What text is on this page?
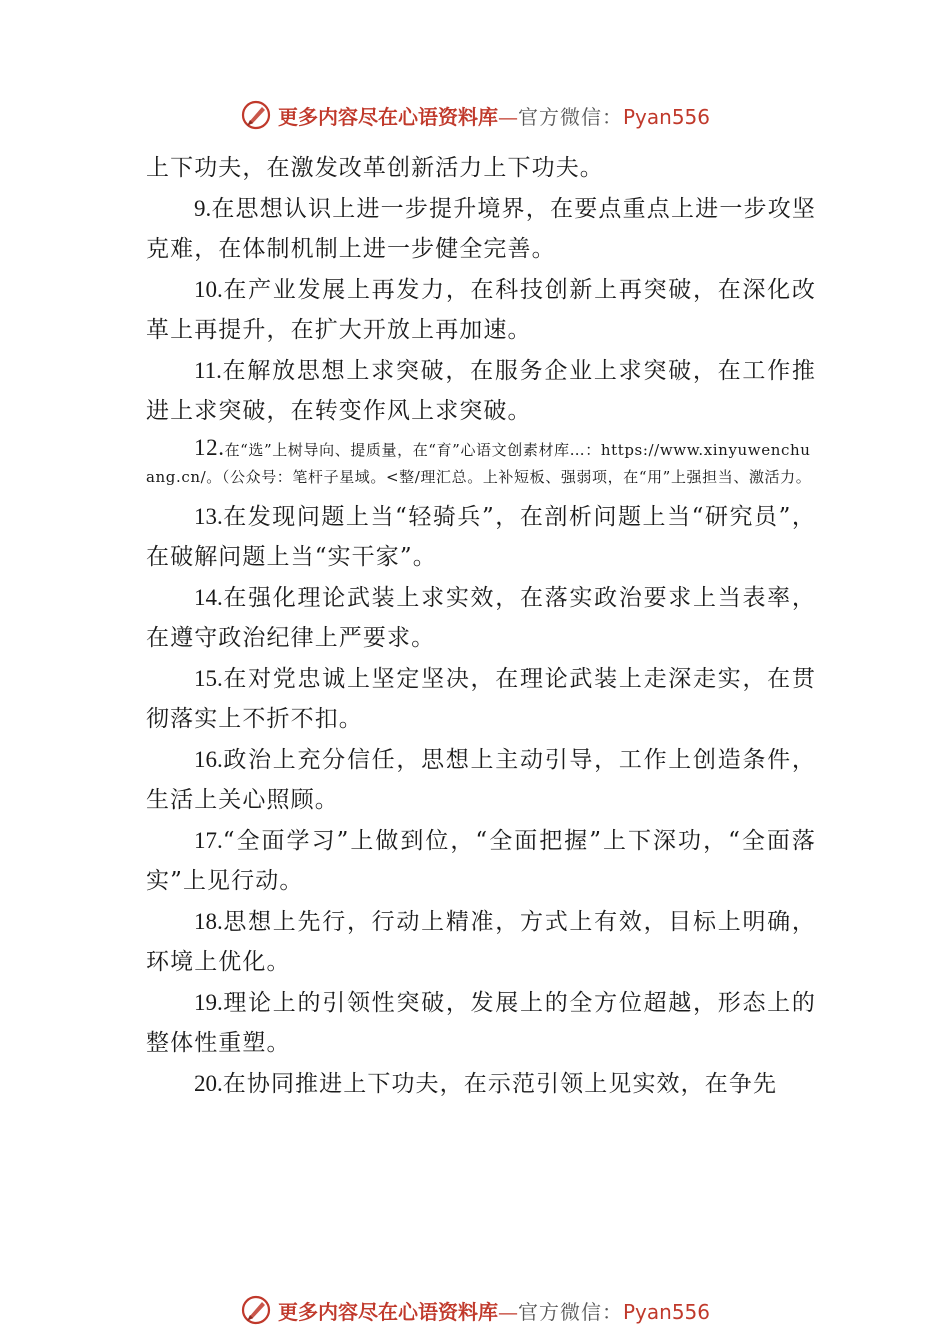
更多内容尽在心语资料库—官方微信：Pyan556

上下功夫，在激发改革创新活力上下功夫。

9.在思想认识上进一步提升境界，在要点重点上进一步攻坚克难，在体制机制上进一步健全完善。

10.在产业发展上再发力，在科技创新上再突破，在深化改革上再提升，在扩大开放上再加速。

11.在解放思想上求突破，在服务企业上求突破，在工作推进上求突破，在转变作风上求突破。

12.在“选”上树导向、提质量，在“育”心语文创素材库…：https://www.xinyuwenchuang.cn/。（公众号：笔杆子星域。<整/理汇总。上补短板、强弱项，在“用”上强担当、激活力。

13.在发现问题上当“轻骑兵”，在剖析问题上当“研究员”，在破解问题上当“实干家”。

14.在强化理论武装上求实效，在落实政治要求上当表率，在遵守政治纪律上严要求。

15.在对党忠诚上坚定坚决，在理论武装上走深走实，在贯彻落实上不折不扣。

16.政治上充分信任，思想上主动引导，工作上创造条件，生活上关心照顾。

17.“全面学习”上做到位，“全面把握”上下深功，“全面落实”上见行动。

18.思想上先行，行动上精准，方式上有效，目标上明确，环境上优化。

19.理论上的引领性突破，发展上的全方位超越，形态上的整体性重塑。

20.在协同推进上下功夫，在示范引领上见实效，在争先

更多内容尽在心语资料库—官方微信：Pyan556
